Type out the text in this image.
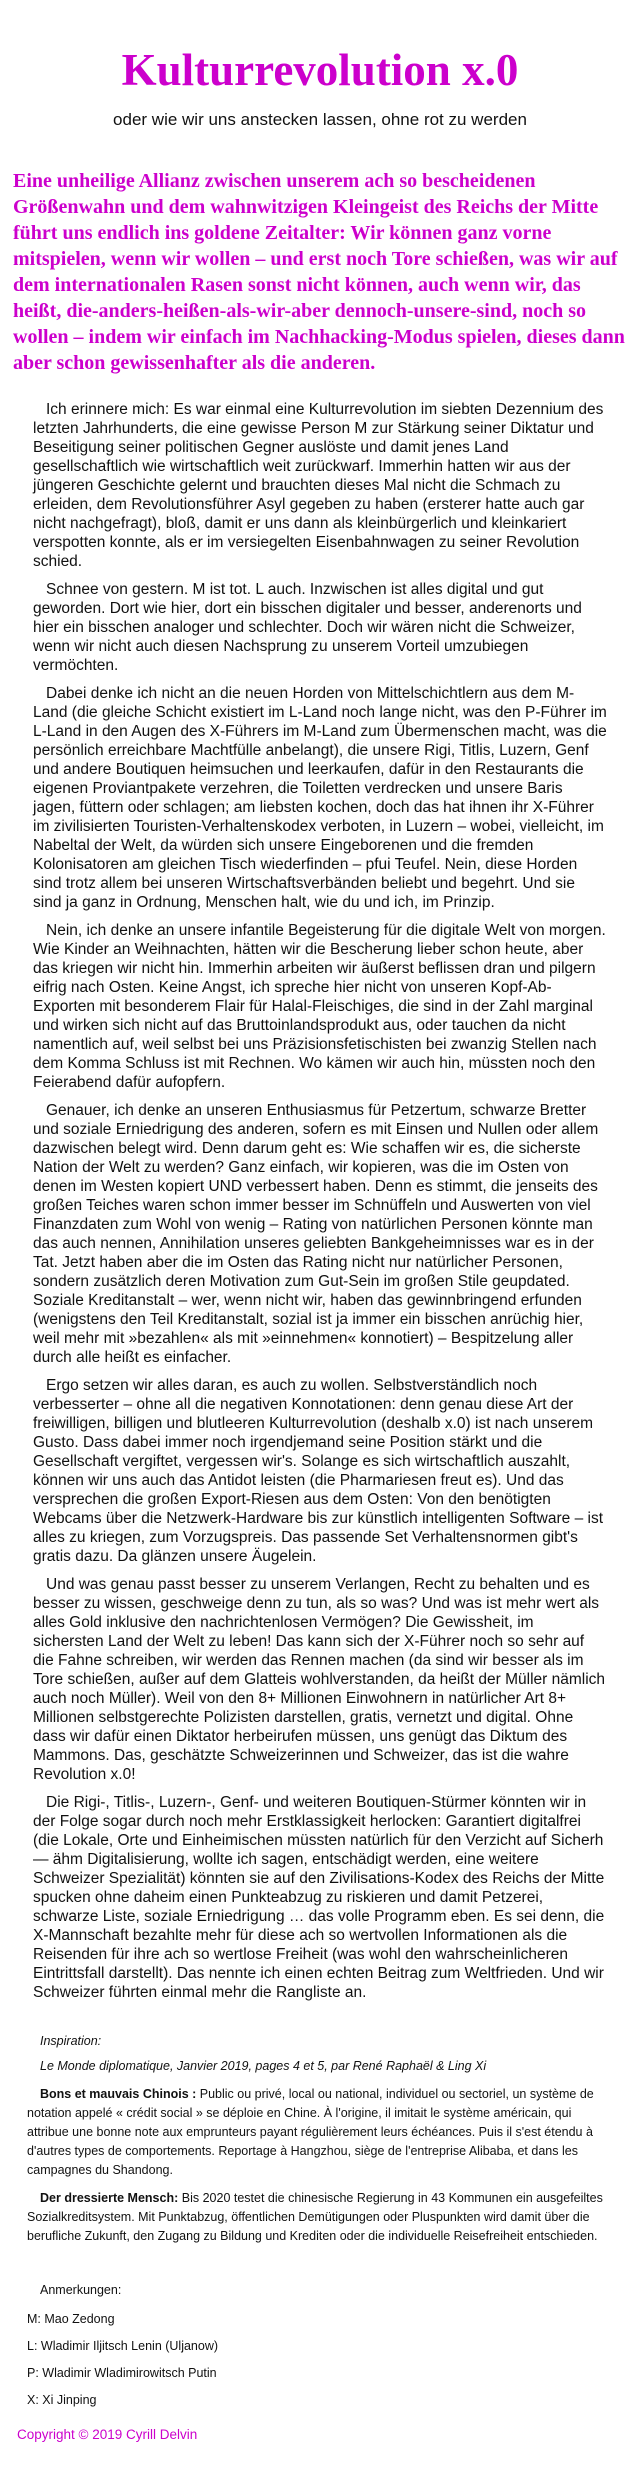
Kulturrevolution x.0

oder wie wir uns anstecken lassen, ohne rot zu werden

Eine unheilige Allianz zwischen unserem ach so bescheidenen Größenwahn und dem wahnwitzigen Kleingeist des Reichs der Mitte führt uns endlich ins goldene Zeitalter: Wir können ganz vorne mitspielen, wenn wir wollen – und erst noch Tore schießen, was wir auf dem internationalen Rasen sonst nicht können, auch wenn wir, das heißt, die-anders-heißen-als-wir-aber dennoch-unsere-sind, noch so wollen – indem wir einfach im Nachhacking-Modus spielen, dieses dann aber schon gewissenhafter als die anderen.

Ich erinnere mich: Es war einmal eine Kulturrevolution im siebten Dezennium des letzten Jahrhunderts, die eine gewisse Person M zur Stärkung seiner Diktatur und Beseitigung seiner politischen Gegner auslöste und damit jenes Land gesellschaftlich wie wirtschaftlich weit zurückwarf. Immerhin hatten wir aus der jüngeren Geschichte gelernt und brauchten dieses Mal nicht die Schmach zu erleiden, dem Revolutionsführer Asyl gegeben zu haben (ersterer hatte auch gar nicht nachgefragt), bloß, damit er uns dann als kleinbürgerlich und kleinkariert verspotten konnte, als er im versiegelten Eisenbahnwagen zu seiner Revolution schied.

Schnee von gestern. M ist tot. L auch. Inzwischen ist alles digital und gut geworden. Dort wie hier, dort ein bisschen digitaler und besser, anderenorts und hier ein bisschen analoger und schlechter. Doch wir wären nicht die Schweizer, wenn wir nicht auch diesen Nachsprung zu unserem Vorteil umzubiegen vermöchten.

Dabei denke ich nicht an die neuen Horden von Mittelschichtlern aus dem M-Land (die gleiche Schicht existiert im L-Land noch lange nicht, was den P-Führer im L-Land in den Augen des X-Führers im M-Land zum Übermenschen macht, was die persönlich erreichbare Machtfülle anbelangt), die unsere Rigi, Titlis, Luzern, Genf und andere Boutiquen heimsuchen und leerkaufen, dafür in den Restaurants die eigenen Proviantpakete verzehren, die Toiletten verdrecken und unsere Baris jagen, füttern oder schlagen; am liebsten kochen, doch das hat ihnen ihr X-Führer im zivilisierten Touristen-Verhaltenskodex verboten, in Luzern – wobei, vielleicht, im Nabeltal der Welt, da würden sich unsere Eingeborenen und die fremden Kolonisatoren am gleichen Tisch wiederfinden – pfui Teufel. Nein, diese Horden sind trotz allem bei unseren Wirtschaftsverbänden beliebt und begehrt. Und sie sind ja ganz in Ordnung, Menschen halt, wie du und ich, im Prinzip.

Nein, ich denke an unsere infantile Begeisterung für die digitale Welt von morgen. Wie Kinder an Weihnachten, hätten wir die Bescherung lieber schon heute, aber das kriegen wir nicht hin. Immerhin arbeiten wir äußerst beflissen dran und pilgern eifrig nach Osten. Keine Angst, ich spreche hier nicht von unseren Kopf-Ab-Exporten mit besonderem Flair für Halal-Fleischiges, die sind in der Zahl marginal und wirken sich nicht auf das Bruttoinlandsprodukt aus, oder tauchen da nicht namentlich auf, weil selbst bei uns Präzisionsfetischisten bei zwanzig Stellen nach dem Komma Schluss ist mit Rechnen. Wo kämen wir auch hin, müssten noch den Feierabend dafür aufopfern.

Genauer, ich denke an unseren Enthusiasmus für Petzertum, schwarze Bretter und soziale Erniedrigung des anderen, sofern es mit Einsen und Nullen oder allem dazwischen belegt wird. Denn darum geht es: Wie schaffen wir es, die sicherste Nation der Welt zu werden? Ganz einfach, wir kopieren, was die im Osten von denen im Westen kopiert UND verbessert haben. Denn es stimmt, die jenseits des großen Teiches waren schon immer besser im Schnüffeln und Auswerten von viel Finanzdaten zum Wohl von wenig – Rating von natürlichen Personen könnte man das auch nennen, Annihilation unseres geliebten Bankgeheimnisses war es in der Tat. Jetzt haben aber die im Osten das Rating nicht nur natürlicher Personen, sondern zusätzlich deren Motivation zum Gut-Sein im großen Stile geupdated. Soziale Kreditanstalt – wer, wenn nicht wir, haben das gewinnbringend erfunden (wenigstens den Teil Kreditanstalt, sozial ist ja immer ein bisschen anrüchig hier, weil mehr mit »bezahlen« als mit »einnehmen« konnotiert) – Bespitzelung aller durch alle heißt es einfacher.

Ergo setzen wir alles daran, es auch zu wollen. Selbstverständlich noch verbesserter – ohne all die negativen Konnotationen: denn genau diese Art der freiwilligen, billigen und blutleeren Kulturrevolution (deshalb x.0) ist nach unserem Gusto. Dass dabei immer noch irgendjemand seine Position stärkt und die Gesellschaft vergiftet, vergessen wir's. Solange es sich wirtschaftlich auszahlt, können wir uns auch das Antidot leisten (die Pharmariesen freut es). Und das versprechen die großen Export-Riesen aus dem Osten: Von den benötigten Webcams über die Netzwerk-Hardware bis zur künstlich intelligenten Software – ist alles zu kriegen, zum Vorzugspreis. Das passende Set Verhaltensnormen gibt's gratis dazu. Da glänzen unsere Äugelein.

Und was genau passt besser zu unserem Verlangen, Recht zu behalten und es besser zu wissen, geschweige denn zu tun, als so was? Und was ist mehr wert als alles Gold inklusive den nachrichtenlosen Vermögen? Die Gewissheit, im sichersten Land der Welt zu leben! Das kann sich der X-Führer noch so sehr auf die Fahne schreiben, wir werden das Rennen machen (da sind wir besser als im Tore schießen, außer auf dem Glatteis wohlverstanden, da heißt der Müller nämlich auch noch Müller). Weil von den 8+ Millionen Einwohnern in natürlicher Art 8+ Millionen selbstgerechte Polizisten darstellen, gratis, vernetzt und digital. Ohne dass wir dafür einen Diktator herbeirufen müssen, uns genügt das Diktum des Mammons. Das, geschätzte Schweizerinnen und Schweizer, das ist die wahre Revolution x.0!

Die Rigi-, Titlis-, Luzern-, Genf- und weiteren Boutiquen-Stürmer könnten wir in der Folge sogar durch noch mehr Erstklassigkeit herlocken: Garantiert digitalfrei (die Lokale, Orte und Einheimischen müssten natürlich für den Verzicht auf Sicherh— ähm Digitalisierung, wollte ich sagen, entschädigt werden, eine weitere Schweizer Spezialität) könnten sie auf den Zivilisations-Kodex des Reichs der Mitte spucken ohne daheim einen Punkteabzug zu riskieren und damit Petzerei, schwarze Liste, soziale Erniedrigung … das volle Programm eben. Es sei denn, die X-Mannschaft bezahlte mehr für diese ach so wertvollen Informationen als die Reisenden für ihre ach so wertlose Freiheit (was wohl den wahrscheinlicheren Eintrittsfall darstellt). Das nennte ich einen echten Beitrag zum Weltfrieden. Und wir Schweizer führten einmal mehr die Rangliste an.

Inspiration:

Le Monde diplomatique, Janvier 2019, pages 4 et 5, par René Raphaël & Ling Xi

Bons et mauvais Chinois : Public ou privé, local ou national, individuel ou sectoriel, un système de notation appelé « crédit social » se déploie en Chine. À l'origine, il imitait le système américain, qui attribue une bonne note aux emprunteurs payant régulièrement leurs échéances. Puis il s'est étendu à d'autres types de comportements. Reportage à Hangzhou, siège de l'entreprise Alibaba, et dans les campagnes du Shandong.

Der dressierte Mensch: Bis 2020 testet die chinesische Regierung in 43 Kommunen ein ausgefeiltes Sozialkreditsystem. Mit Punktabzug, öffentlichen Demütigungen oder Pluspunkten wird damit über die berufliche Zukunft, den Zugang zu Bildung und Krediten oder die individuelle Reisefreiheit entschieden.

Anmerkungen:

M: Mao Zedong

L: Wladimir Iljitsch Lenin (Uljanow)

P: Wladimir Wladimirowitsch Putin

X: Xi Jinping

Copyright © 2019 Cyrill Delvin
